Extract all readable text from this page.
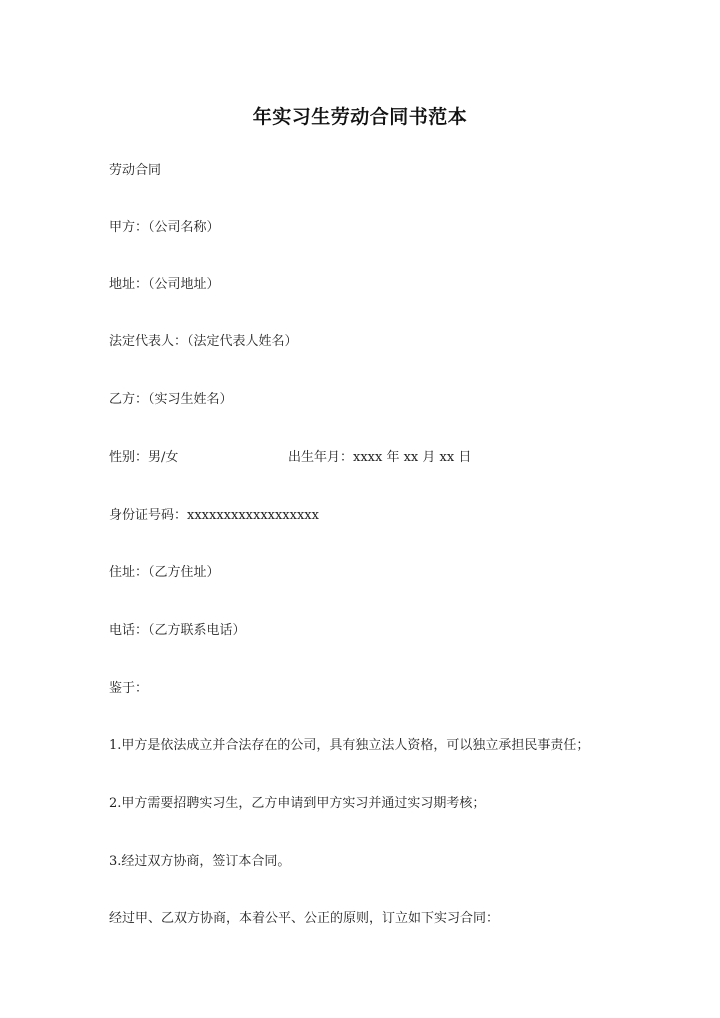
年实习生劳动合同书范本
劳动合同
甲方：（公司名称）
地址：（公司地址）
法定代表人：（法定代表人姓名）
乙方：（实习生姓名）
性别：男/女	出生年月：xxxx 年 xx 月 xx 日
身份证号码：xxxxxxxxxxxxxxxxxx
住址：（乙方住址）
电话：（乙方联系电话）
鉴于：
1.甲方是依法成立并合法存在的公司，具有独立法人资格，可以独立承担民事责任；
2.甲方需要招聘实习生，乙方申请到甲方实习并通过实习期考核；
3.经过双方协商，签订本合同。
经过甲、乙双方协商，本着公平、公正的原则，订立如下实习合同：
